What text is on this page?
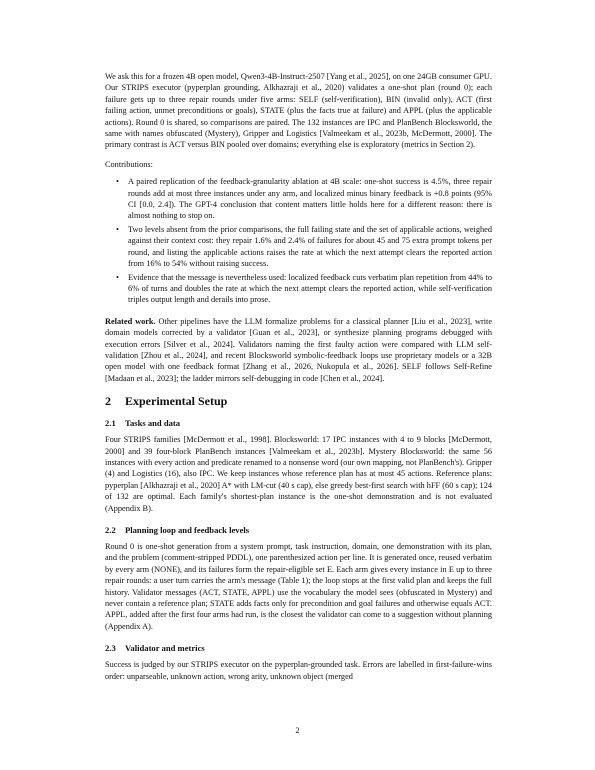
We ask this for a frozen 4B open model, Qwen3-4B-Instruct-2507 [Yang et al., 2025], on one 24GB consumer GPU. Our STRIPS executor (pyperplan grounding, Alkhazraji et al., 2020) validates a one-shot plan (round 0); each failure gets up to three repair rounds under five arms: SELF (self-verification), BIN (invalid only), ACT (first failing action, unmet preconditions or goals), STATE (plus the facts true at failure) and APPL (plus the applicable actions). Round 0 is shared, so comparisons are paired. The 132 instances are IPC and PlanBench Blocksworld, the same with names obfuscated (Mystery), Gripper and Logistics [Valmeekam et al., 2023b, McDermott, 2000]. The primary contrast is ACT versus BIN pooled over domains; everything else is exploratory (metrics in Section 2).

Contributions:

• A paired replication of the feedback-granularity ablation at 4B scale: one-shot success is 4.5%, three repair rounds add at most three instances under any arm, and localized minus binary feedback is +0.8 points (95% CI [0.0, 2.4]). The GPT-4 conclusion that content matters little holds here for a different reason: there is almost nothing to stop on.
• Two levels absent from the prior comparisons, the full failing state and the set of applicable actions, weighed against their context cost: they repair 1.6% and 2.4% of failures for about 45 and 75 extra prompt tokens per round, and listing the applicable actions raises the rate at which the next attempt clears the reported action from 16% to 54% without raising success.
• Evidence that the message is nevertheless used: localized feedback cuts verbatim plan repetition from 44% to 6% of turns and doubles the rate at which the next attempt clears the reported action, while self-verification triples output length and derails into prose.

Related work. Other pipelines have the LLM formalize problems for a classical planner [Liu et al., 2023], write domain models corrected by a validator [Guan et al., 2023], or synthesize planning programs debugged with execution errors [Silver et al., 2024]. Validators naming the first faulty action were compared with LLM self-validation [Zhou et al., 2024], and recent Blocksworld symbolic-feedback loops use proprietary models or a 32B open model with one feedback format [Zhang et al., 2026, Nukopula et al., 2026]. SELF follows Self-Refine [Madaan et al., 2023]; the ladder mirrors self-debugging in code [Chen et al., 2024].

2 Experimental Setup
2.1 Tasks and data

Four STRIPS families [McDermott et al., 1998]. Blocksworld: 17 IPC instances with 4 to 9 blocks [McDermott, 2000] and 39 four-block PlanBench instances [Valmeekam et al., 2023b]. Mystery Blocksworld: the same 56 instances with every action and predicate renamed to a nonsense word (our own mapping, not PlanBench's). Gripper (4) and Logistics (16), also IPC. We keep instances whose reference plan has at most 45 actions. Reference plans: pyperplan [Alkhazraji et al., 2020] A* with LM-cut (40 s cap), else greedy best-first search with hFF (60 s cap); 124 of 132 are optimal. Each family's shortest-plan instance is the one-shot demonstration and is not evaluated (Appendix B).

2.2 Planning loop and feedback levels

Round 0 is one-shot generation from a system prompt, task instruction, domain, one demonstration with its plan, and the problem (comment-stripped PDDL), one parenthesized action per line. It is generated once, reused verbatim by every arm (NONE), and its failures form the repair-eligible set E. Each arm gives every instance in E up to three repair rounds: a user turn carries the arm's message (Table 1); the loop stops at the first valid plan and keeps the full history. Validator messages (ACT, STATE, APPL) use the vocabulary the model sees (obfuscated in Mystery) and never contain a reference plan; STATE adds facts only for precondition and goal failures and otherwise equals ACT. APPL, added after the first four arms had run, is the closest the validator can come to a suggestion without planning (Appendix A).

2.3 Validator and metrics

Success is judged by our STRIPS executor on the pyperplan-grounded task. Errors are labelled in first-failure-wins order: unparseable, unknown action, wrong arity, unknown object (merged

2
